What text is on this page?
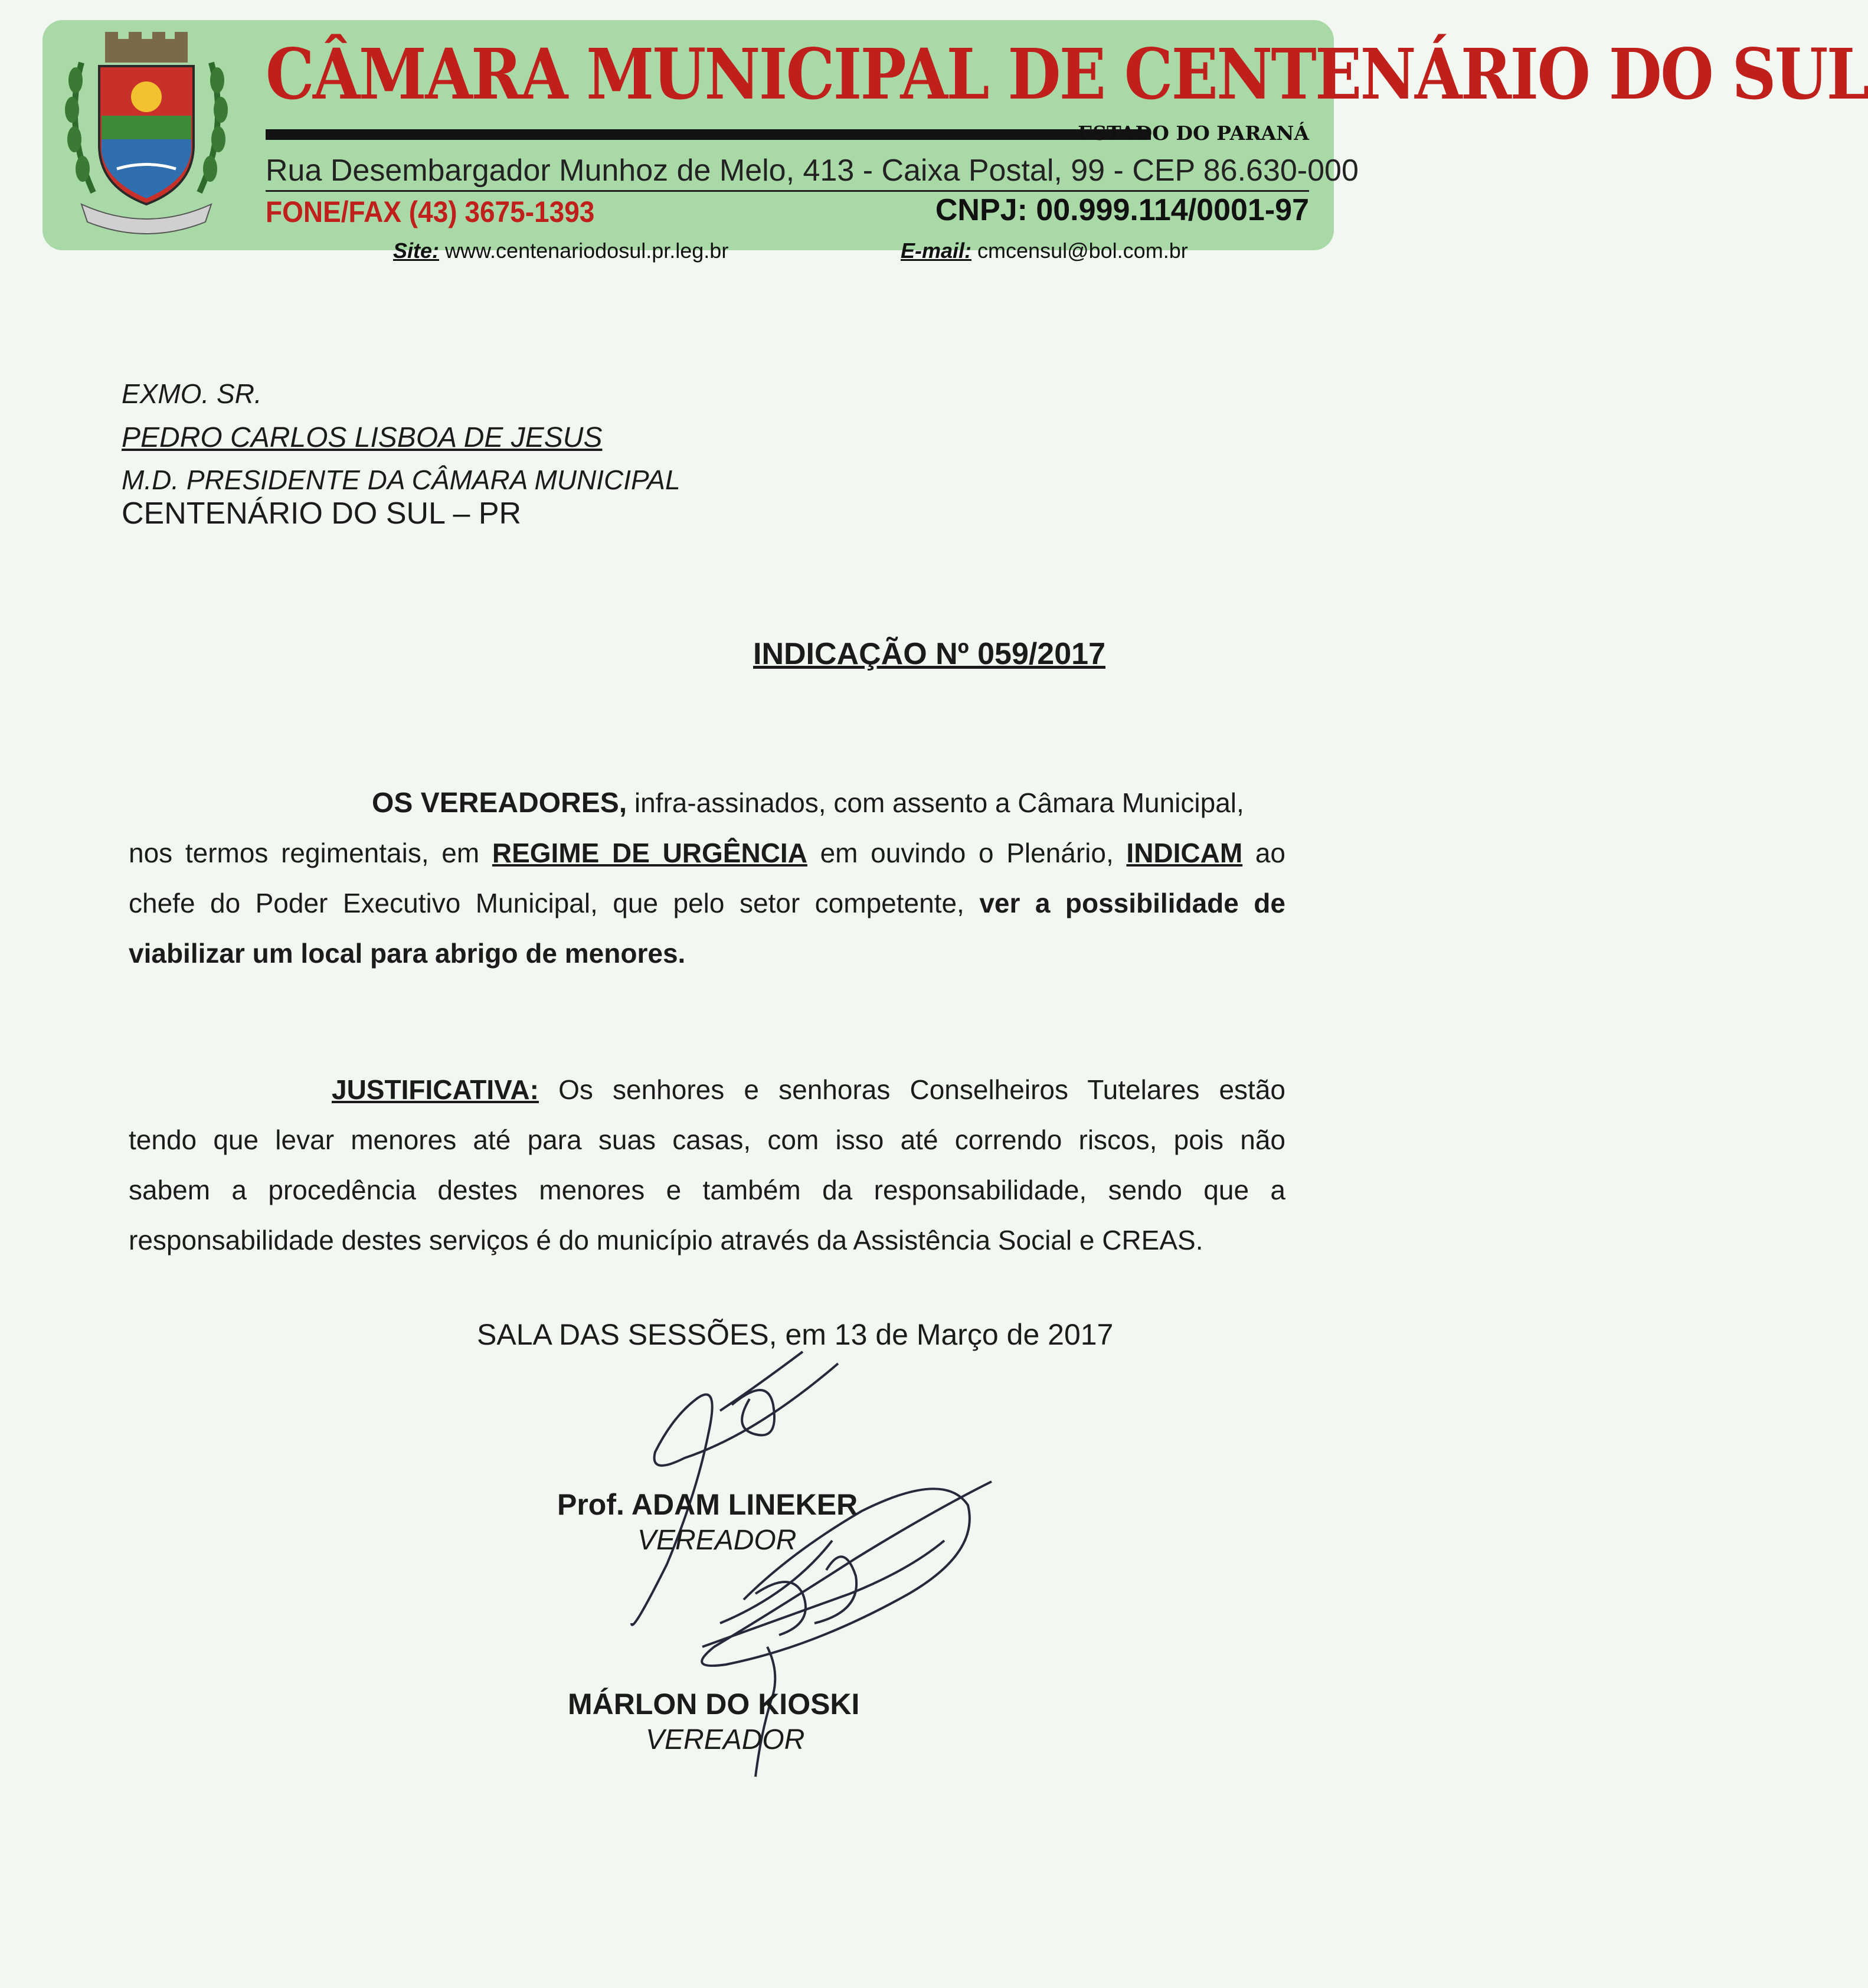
CÂMARA MUNICIPAL DE CENTENÁRIO DO SUL
ESTADO DO PARANÁ
Rua Desembargador Munhoz de Melo, 413 - Caixa Postal, 99 - CEP 86.630-000
FONE/FAX (43) 3675-1393	CNPJ: 00.999.114/0001-97
Site: www.centenariodosul.pr.leg.br	E-mail: cmcensul@bol.com.br
EXMO. SR.
PEDRO CARLOS LISBOA DE JESUS
M.D. PRESIDENTE DA CÂMARA MUNICIPAL
CENTENÁRIO DO SUL – PR
INDICAÇÃO Nº 059/2017
OS VEREADORES, infra-assinados, com assento a Câmara Municipal,
nos termos regimentais, em REGIME DE URGÊNCIA em ouvindo o Plenário, INDICAM ao
chefe do Poder Executivo Municipal, que pelo setor competente, ver a possibilidade de
viabilizar um local para abrigo de menores.
JUSTIFICATIVA: Os senhores e senhoras Conselheiros Tutelares estão
tendo que levar menores até para suas casas, com isso até correndo riscos, pois não
sabem a procedência destes menores e também da responsabilidade, sendo que a
responsabilidade destes serviços é do município através da Assistência Social e CREAS.
SALA DAS SESSÕES, em 13 de Março de 2017
Prof. ADAM LINEKER
VEREADOR
MÁRLON DO KIOSKI
VEREADOR
